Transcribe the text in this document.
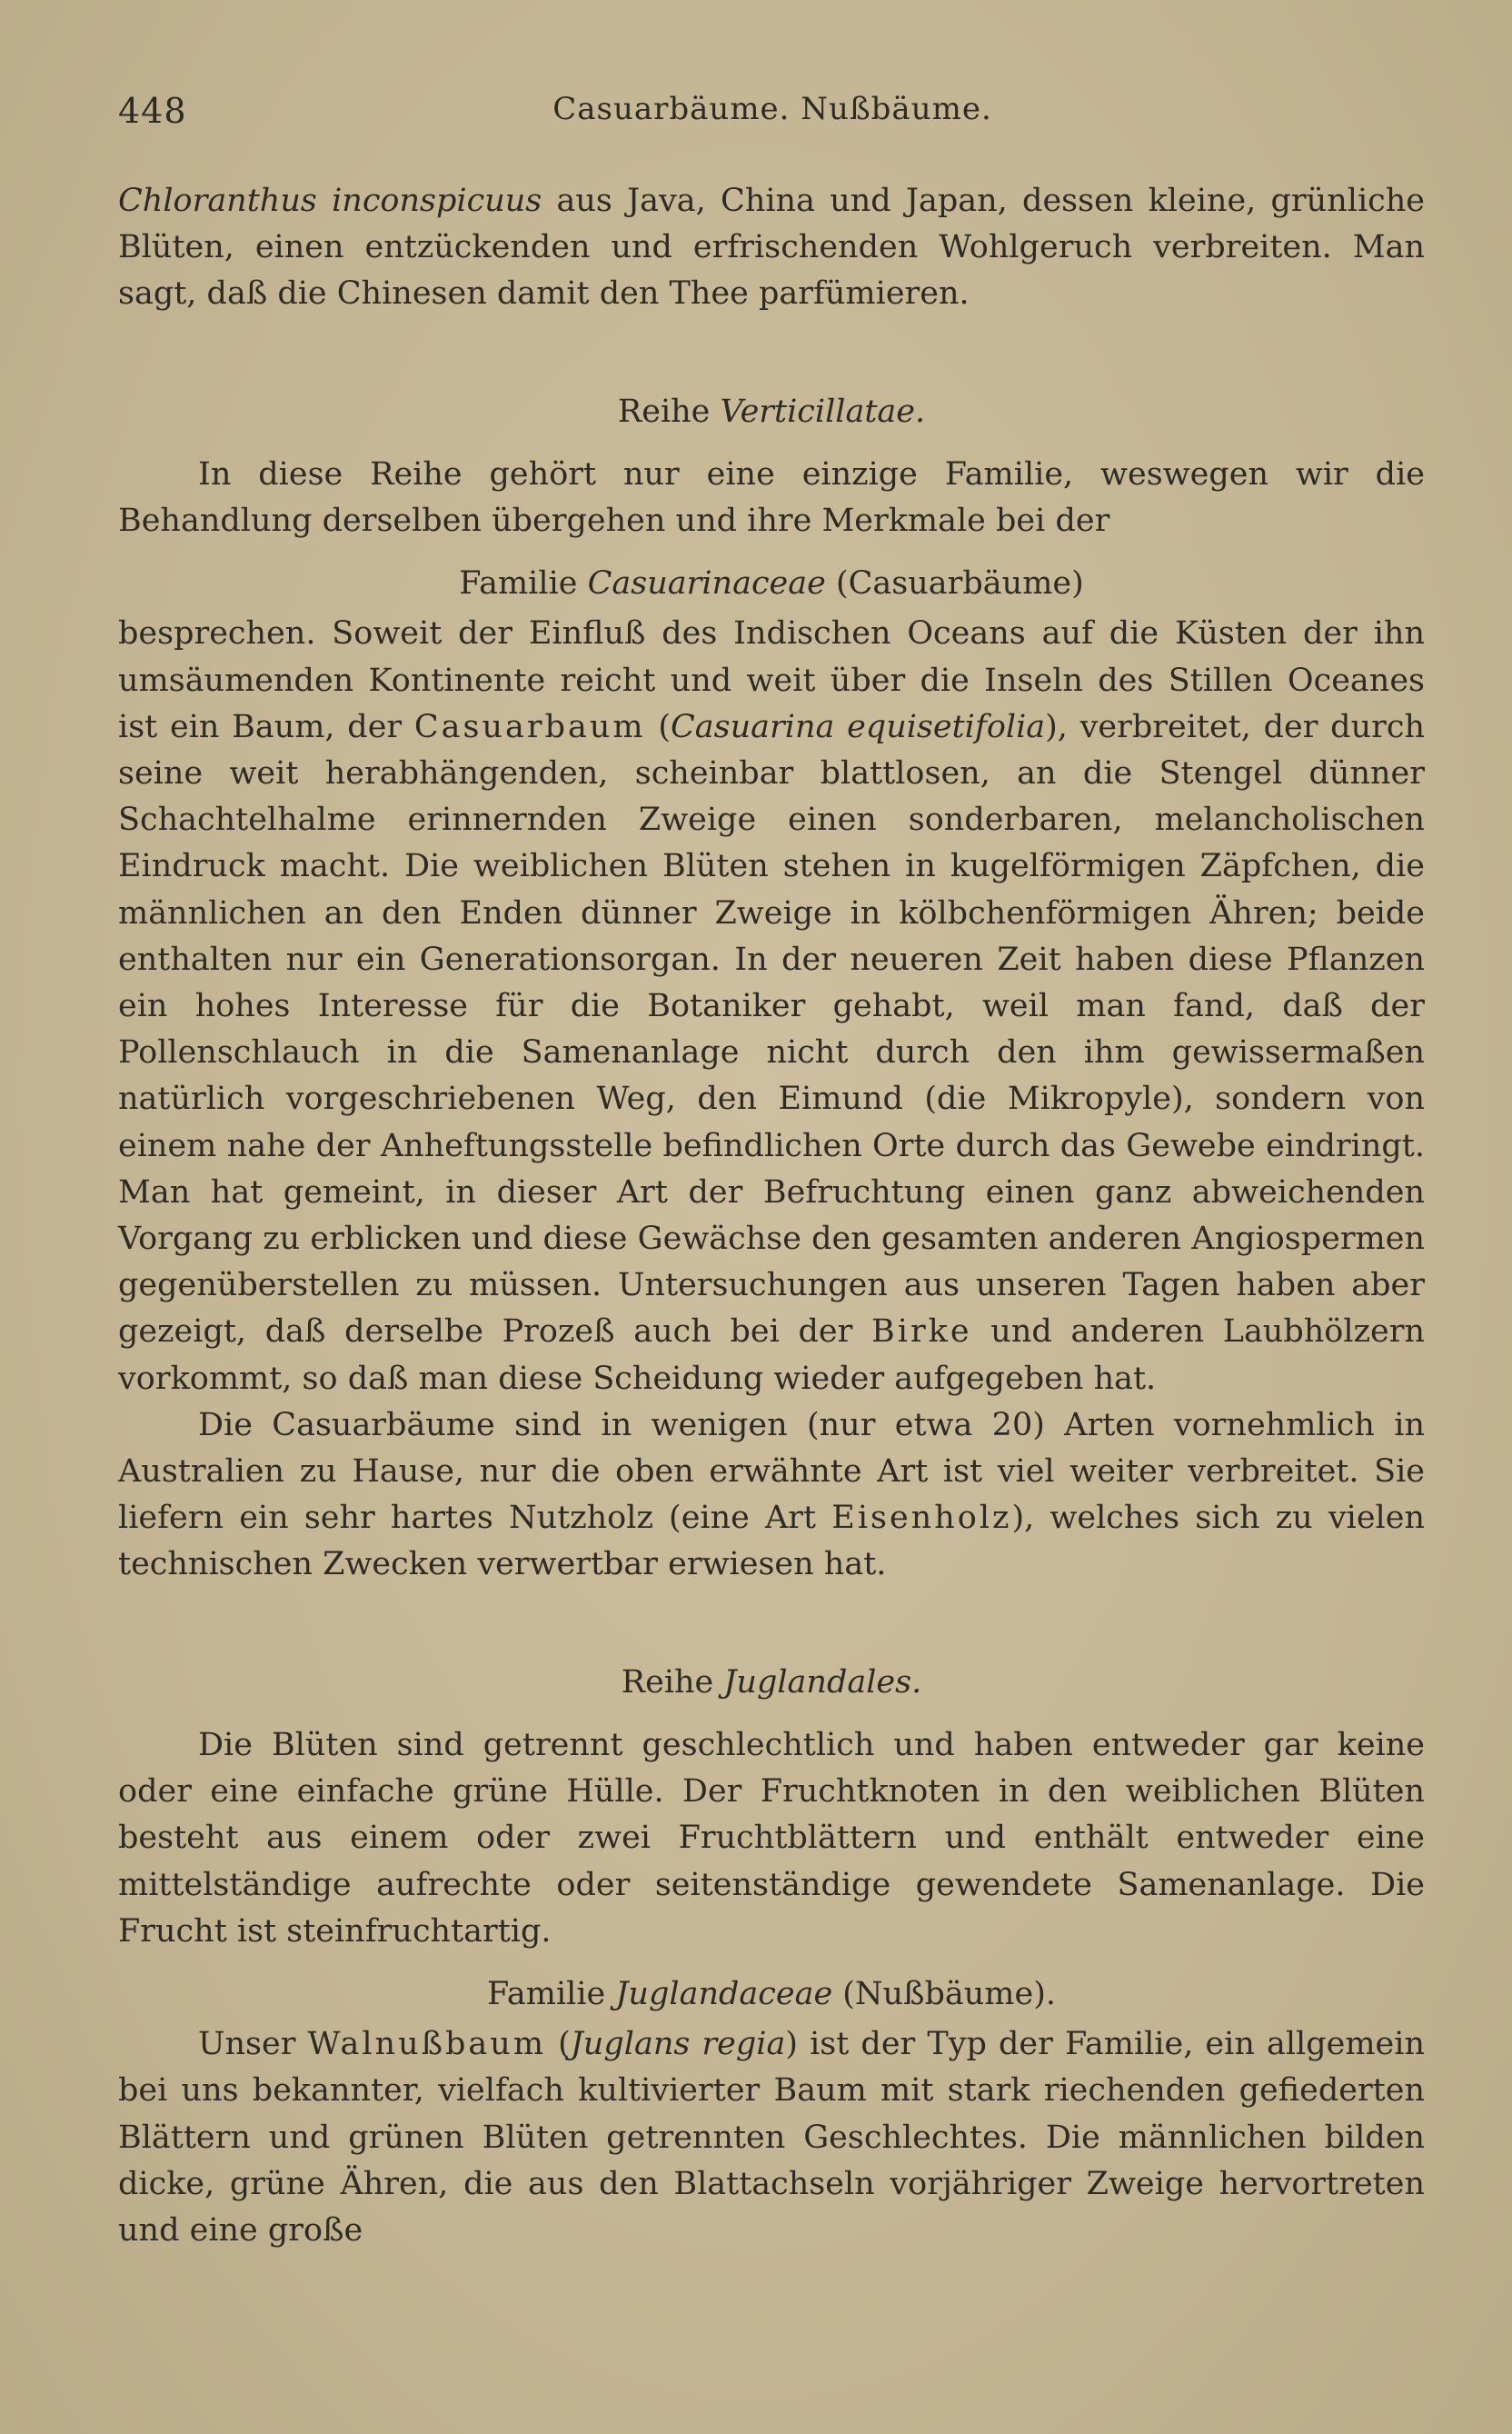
448	Casuarbäume. Nußbäume.

Chloranthus inconspicuus aus Java, China und Japan, dessen kleine, grünliche Blüten, einen entzückenden und erfrischenden Wohlgeruch verbreiten. Man sagt, daß die Chinesen damit den Thee parfümieren.

Reihe Verticillatae.

In diese Reihe gehört nur eine einzige Familie, weswegen wir die Behandlung derselben übergehen und ihre Merkmale bei der

Familie Casuarinaceae (Casuarbäume)

besprechen. Soweit der Einfluß des Indischen Oceans auf die Küsten der ihn umsäumenden Kontinente reicht und weit über die Inseln des Stillen Oceanes ist ein Baum, der Casuarbaum (Casuarina equisetifolia), verbreitet, der durch seine weit herabhängenden, scheinbar blattlosen, an die Stengel dünner Schachtelhalme erinnernden Zweige einen sonderbaren, melancholischen Eindruck macht. Die weiblichen Blüten stehen in kugelförmigen Zäpfchen, die männlichen an den Enden dünner Zweige in kölbchenförmigen Ähren; beide enthalten nur ein Generationsorgan. In der neueren Zeit haben diese Pflanzen ein hohes Interesse für die Botaniker gehabt, weil man fand, daß der Pollenschlauch in die Samenanlage nicht durch den ihm gewissermaßen natürlich vorgeschriebenen Weg, den Eimund (die Mikropyle), sondern von einem nahe der Anheftungsstelle befindlichen Orte durch das Gewebe eindringt. Man hat gemeint, in dieser Art der Befruchtung einen ganz abweichenden Vorgang zu erblicken und diese Gewächse den gesamten anderen Angiospermen gegenüberstellen zu müssen. Untersuchungen aus unseren Tagen haben aber gezeigt, daß derselbe Prozeß auch bei der Birke und anderen Laubhölzern vorkommt, so daß man diese Scheidung wieder aufgegeben hat.

Die Casuarbäume sind in wenigen (nur etwa 20) Arten vornehmlich in Australien zu Hause, nur die oben erwähnte Art ist viel weiter verbreitet. Sie liefern ein sehr hartes Nutzholz (eine Art Eisenholz), welches sich zu vielen technischen Zwecken verwertbar erwiesen hat.

Reihe Juglandales.

Die Blüten sind getrennt geschlechtlich und haben entweder gar keine oder eine einfache grüne Hülle. Der Fruchtknoten in den weiblichen Blüten besteht aus einem oder zwei Fruchtblättern und enthält entweder eine mittelständige aufrechte oder seitenständige gewendete Samenanlage. Die Frucht ist steinfruchtartig.

Familie Juglandaceae (Nußbäume).

Unser Walnußbaum (Juglans regia) ist der Typ der Familie, ein allgemein bei uns bekannter, vielfach kultivierter Baum mit stark riechenden gefiederten Blättern und grünen Blüten getrennten Geschlechtes. Die männlichen bilden dicke, grüne Ähren, die aus den Blattachseln vorjähriger Zweige hervortreten und eine große
